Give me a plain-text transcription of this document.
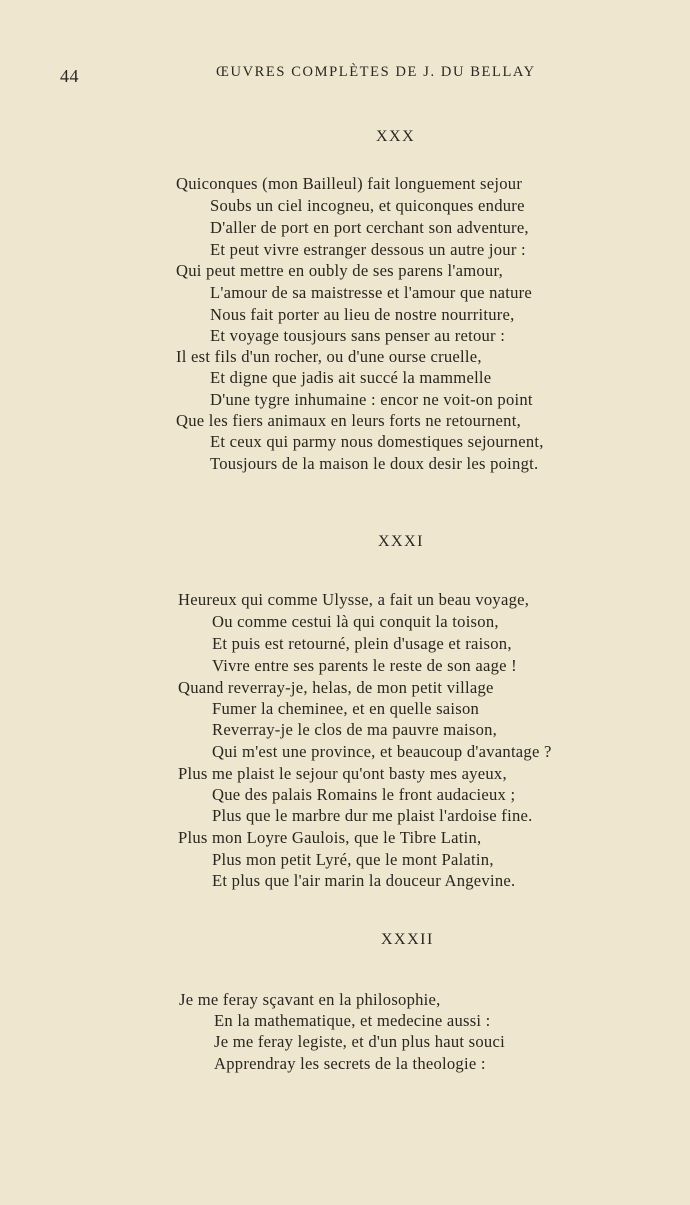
44	ŒUVRES COMPLÈTES DE J. DU BELLAY
XXX
Quiconques (mon Bailleul) fait longuement sejour
Soubs un ciel incogneu, et quiconques endure
D'aller de port en port cerchant son adventure,
Et peut vivre estranger dessous un autre jour :
Qui peut mettre en oubly de ses parens l'amour,
L'amour de sa maistresse et l'amour que nature
Nous fait porter au lieu de nostre nourriture,
Et voyage tousjours sans penser au retour :
Il est fils d'un rocher, ou d'une ourse cruelle,
Et digne que jadis ait succé la mammelle
D'une tygre inhumaine : encor ne voit-on point
Que les fiers animaux en leurs forts ne retournent,
Et ceux qui parmy nous domestiques sejournent,
Tousjours de la maison le doux desir les poingt.
XXXI
Heureux qui comme Ulysse, a fait un beau voyage,
Ou comme cestui là qui conquit la toison,
Et puis est retourné, plein d'usage et raison,
Vivre entre ses parents le reste de son aage !
Quand reverray-je, helas, de mon petit village
Fumer la cheminee, et en quelle saison
Reverray-je le clos de ma pauvre maison,
Qui m'est une province, et beaucoup d'avantage ?
Plus me plaist le sejour qu'ont basty mes ayeux,
Que des palais Romains le front audacieux ;
Plus que le marbre dur me plaist l'ardoise fine.
Plus mon Loyre Gaulois, que le Tibre Latin,
Plus mon petit Lyré, que le mont Palatin,
Et plus que l'air marin la douceur Angevine.
XXXII
Je me feray sçavant en la philosophie,
En la mathematique, et medecine aussi :
Je me feray legiste, et d'un plus haut souci
Apprendray les secrets de la theologie :
